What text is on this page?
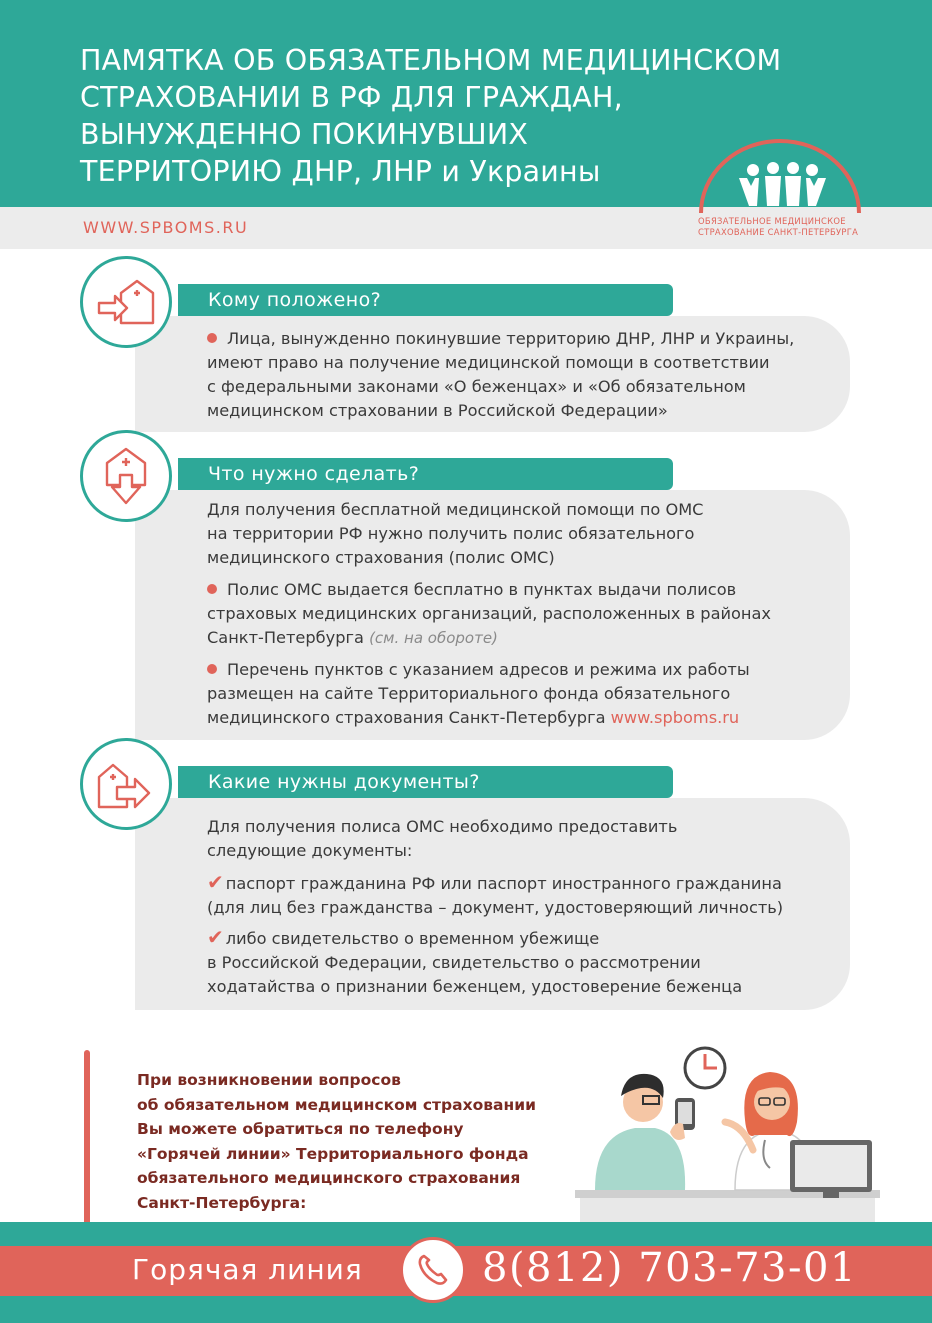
ПАМЯТКА ОБ ОБЯЗАТЕЛЬНОМ МЕДИЦИНСКОМ
СТРАХОВАНИИ В РФ ДЛЯ ГРАЖДАН,
ВЫНУЖДЕННО ПОКИНУВШИХ
ТЕРРИТОРИЮ ДНР, ЛНР и Украины
WWW.SPBOMS.RU	ОБЯЗАТЕЛЬНОЕ МЕДИЦИНСКОЕ
СТРАХОВАНИЕ САНКТ-ПЕТЕРБУРГА
Кому положено?
Лица, вынужденно покинувшие территорию ДНР, ЛНР и Украины,
имеют право на получение медицинской помощи в соответствии
с федеральными законами «О беженцах» и «Об обязательном
медицинском страховании в Российской Федерации»
Что нужно сделать?
Для получения бесплатной медицинской помощи по ОМС
на территории РФ нужно получить полис обязательного
медицинского страхования (полис ОМС)
Полис ОМС выдается бесплатно в пунктах выдачи полисов
страховых медицинских организаций, расположенных в районах
Санкт-Петербурга (см. на обороте)
Перечень пунктов с указанием адресов и режима их работы
размещен на сайте Территориального фонда обязательного
медицинского страхования Санкт-Петербурга www.spboms.ru
Какие нужны документы?
Для получения полиса ОМС необходимо предоставить
следующие документы:
✔ паспорт гражданина РФ или паспорт иностранного гражданина
(для лиц без гражданства – документ, удостоверяющий личность)
✔ либо свидетельство о временном убежище
в Российской Федерации, свидетельство о рассмотрении
ходатайства о признании беженцем, удостоверение беженца
При возникновении вопросов
об обязательном медицинском страховании
Вы можете обратиться по телефону
«Горячей линии» Территориального фонда
обязательного медицинского страхования
Санкт-Петербурга:
Горячая линия	8(812) 703-73-01
